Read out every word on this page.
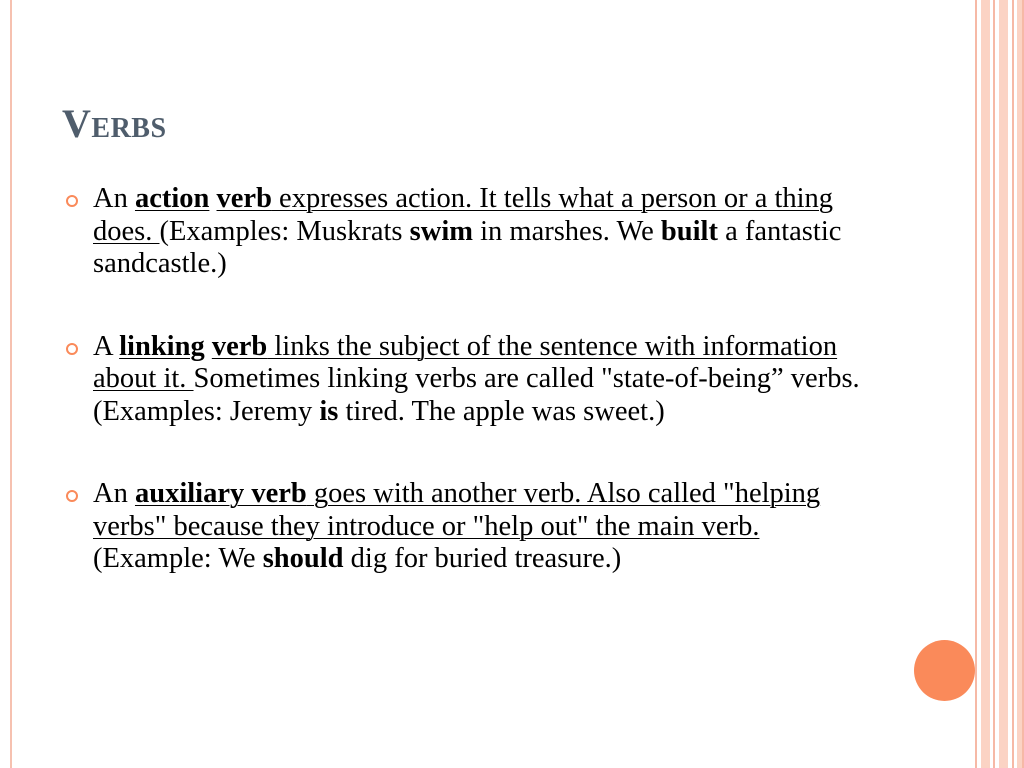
Verbs
An action verb expresses action. It tells what a person or a thing does. (Examples: Muskrats swim in marshes. We built a fantastic sandcastle.)
A linking verb links the subject of the sentence with information about it. Sometimes linking verbs are called "state-of-being” verbs. (Examples: Jeremy is tired. The apple was sweet.)
An auxiliary verb goes with another verb. Also called "helping verbs" because they introduce or "help out" the main verb. (Example: We should dig for buried treasure.)
